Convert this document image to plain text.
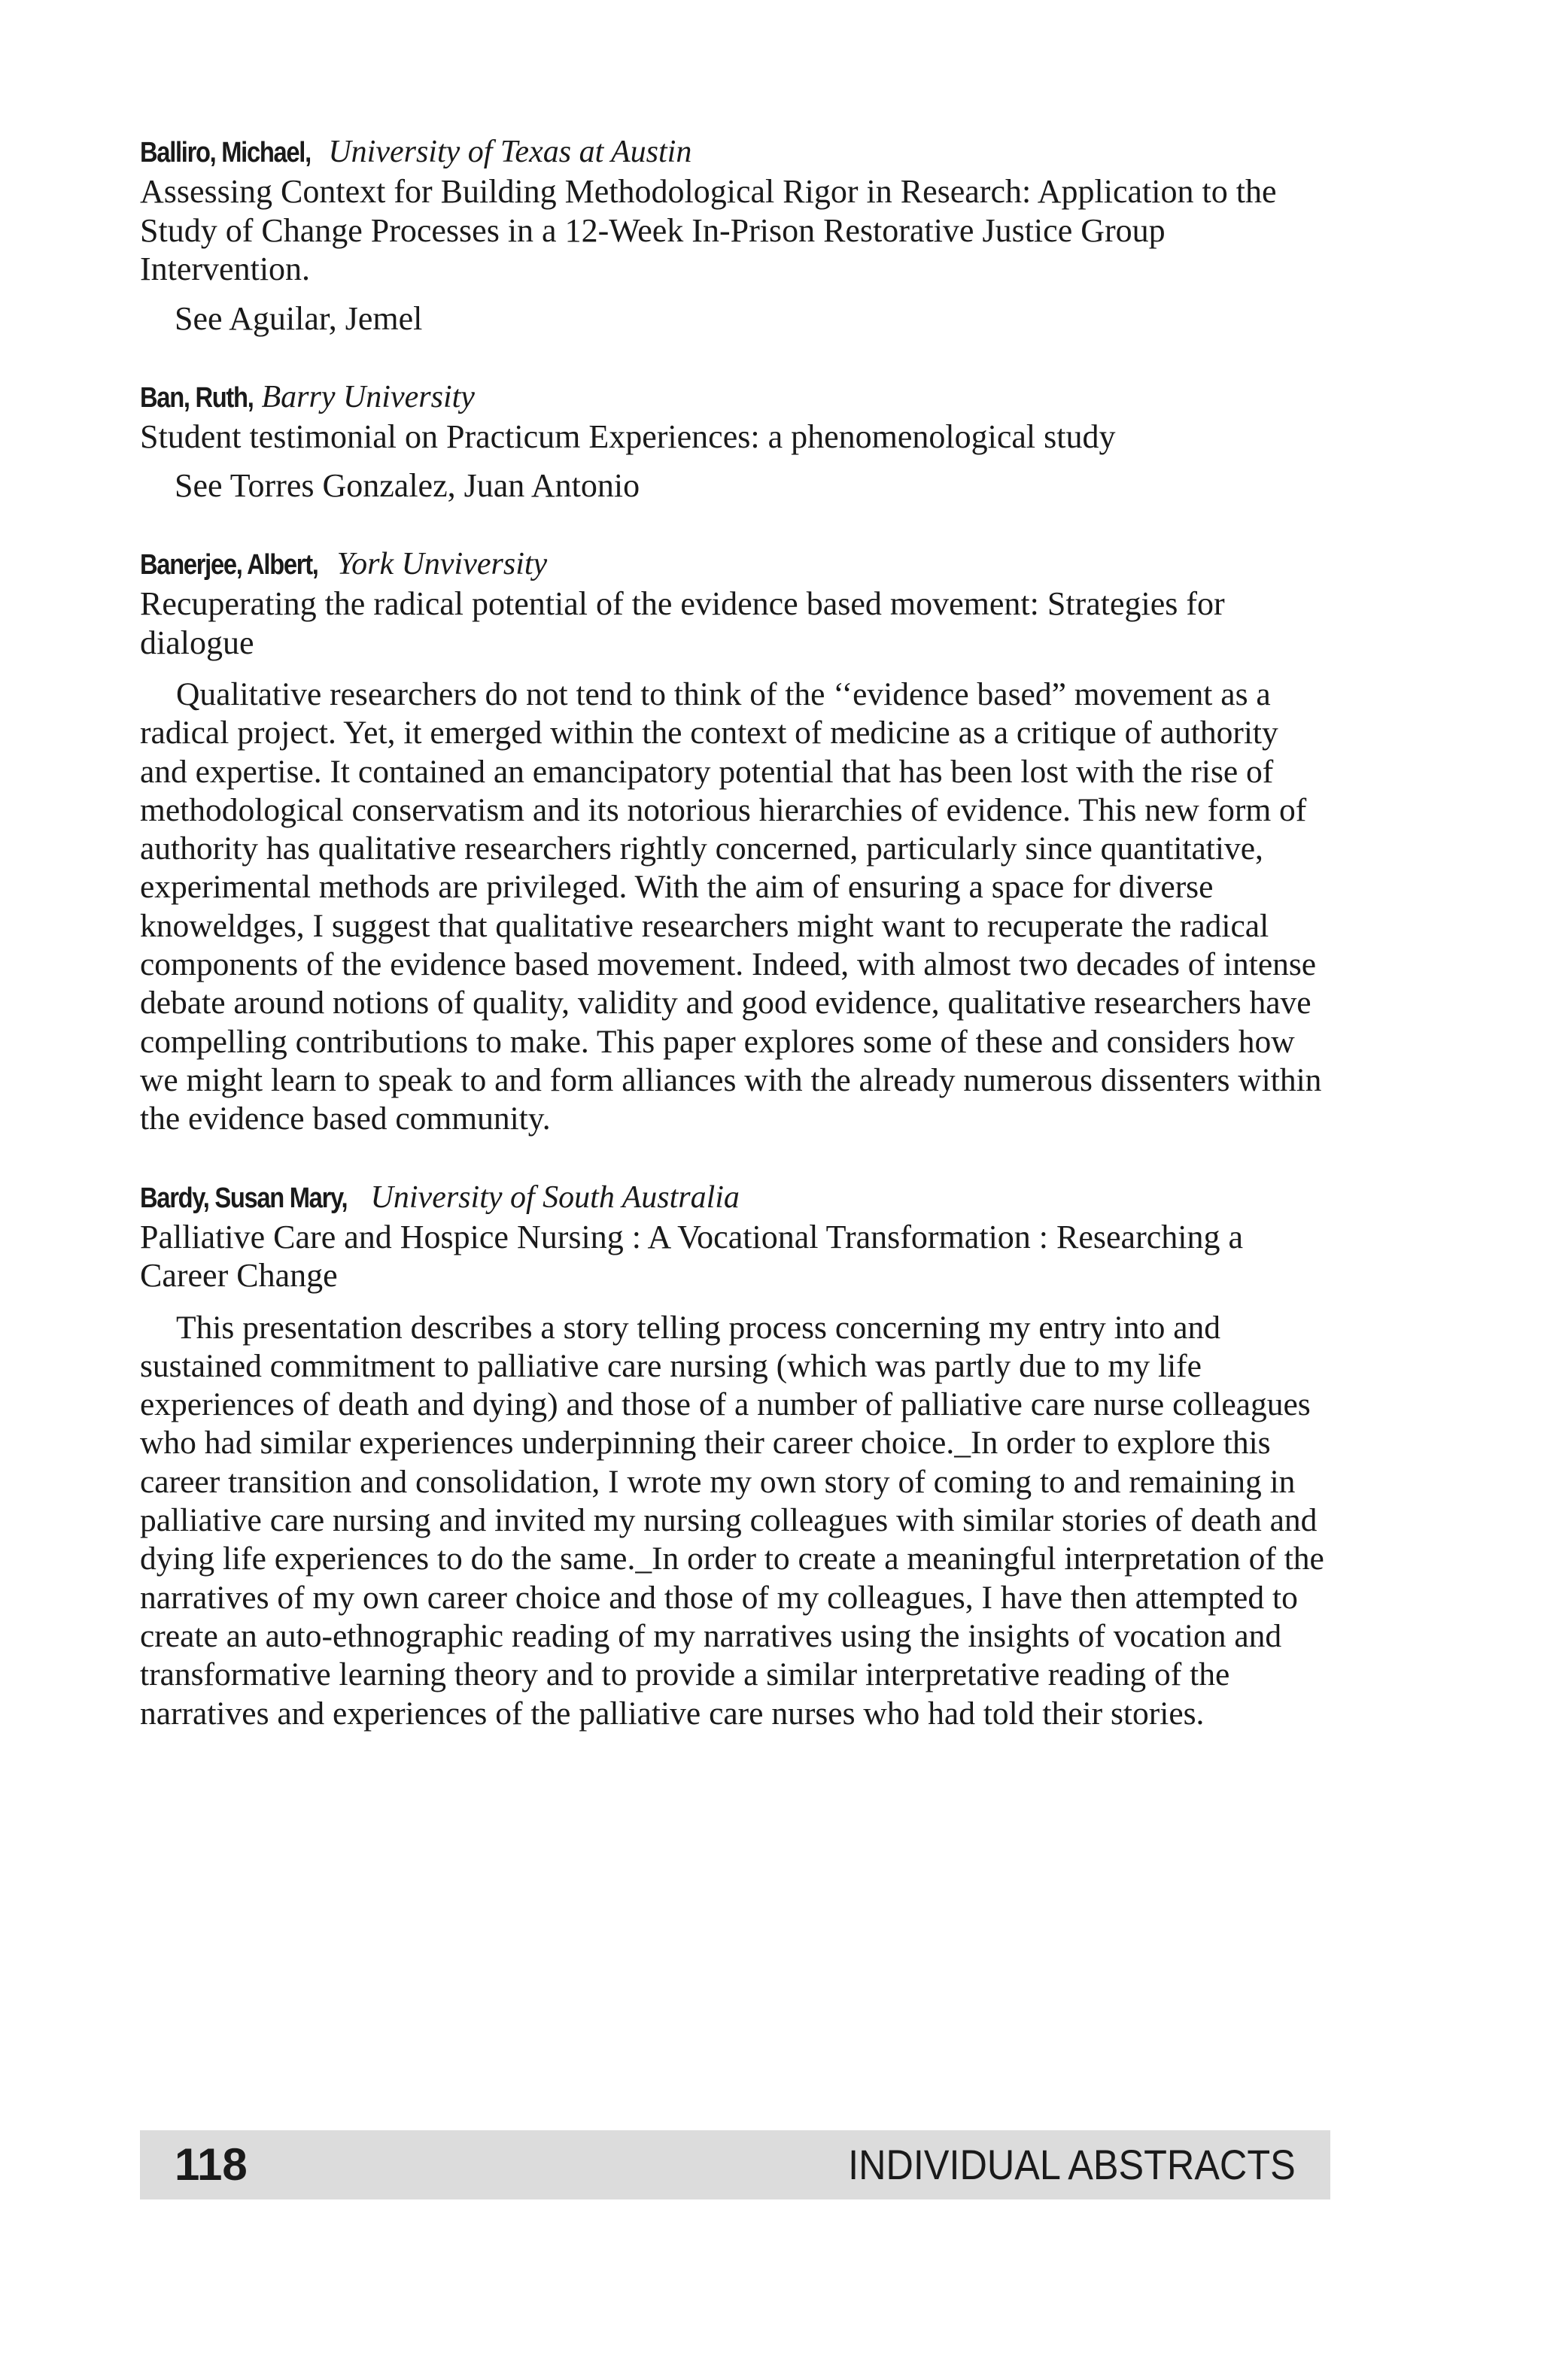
Balliro, Michael, University of Texas at Austin

Assessing Context for Building Methodological Rigor in Research: Application to the Study of Change Processes in a 12-Week In-Prison Restorative Justice Group Intervention.

See Aguilar, Jemel

Ban, Ruth, Barry University

Student testimonial on Practicum Experiences: a phenomenological study

See Torres Gonzalez, Juan Antonio

Banerjee, Albert, York Unviversity

Recuperating the radical potential of the evidence based movement: Strategies for dialogue

Qualitative researchers do not tend to think of the ‘‘evidence based” movement as a radical project. Yet, it emerged within the context of medicine as a critique of authority and expertise. It contained an emancipatory potential that has been lost with the rise of methodological conservatism and its notorious hierarchies of evidence. This new form of authority has qualitative researchers rightly concerned, particularly since quantitative, experimental methods are privileged. With the aim of ensuring a space for diverse knoweldges, I suggest that qualitative researchers might want to recuperate the radical components of the evidence based movement. Indeed, with almost two decades of intense debate around notions of quality, validity and good evidence, qualitative researchers have compelling contributions to make. This paper explores some of these and considers how we might learn to speak to and form alliances with the already numerous dissenters within the evidence based community.

Bardy, Susan Mary, University of South Australia

Palliative Care and Hospice Nursing : A Vocational Transformation : Researching a Career Change

This presentation describes a story telling process concerning my entry into and sustained commitment to palliative care nursing (which was partly due to my life experiences of death and dying) and those of a number of palliative care nurse colleagues who had similar experiences underpinning their career choice._In order to explore this career transition and consolidation, I wrote my own story of coming to and remaining in palliative care nursing and invited my nursing colleagues with similar stories of death and dying life experiences to do the same._In order to create a meaningful interpretation of the narratives of my own career choice and those of my colleagues, I have then attempted to create an auto-ethnographic reading of my narratives using the insights of vocation and transformative learning theory and to provide a similar interpretative reading of the narratives and experiences of the palliative care nurses who had told their stories.

118	INDIVIDUAL ABSTRACTS
